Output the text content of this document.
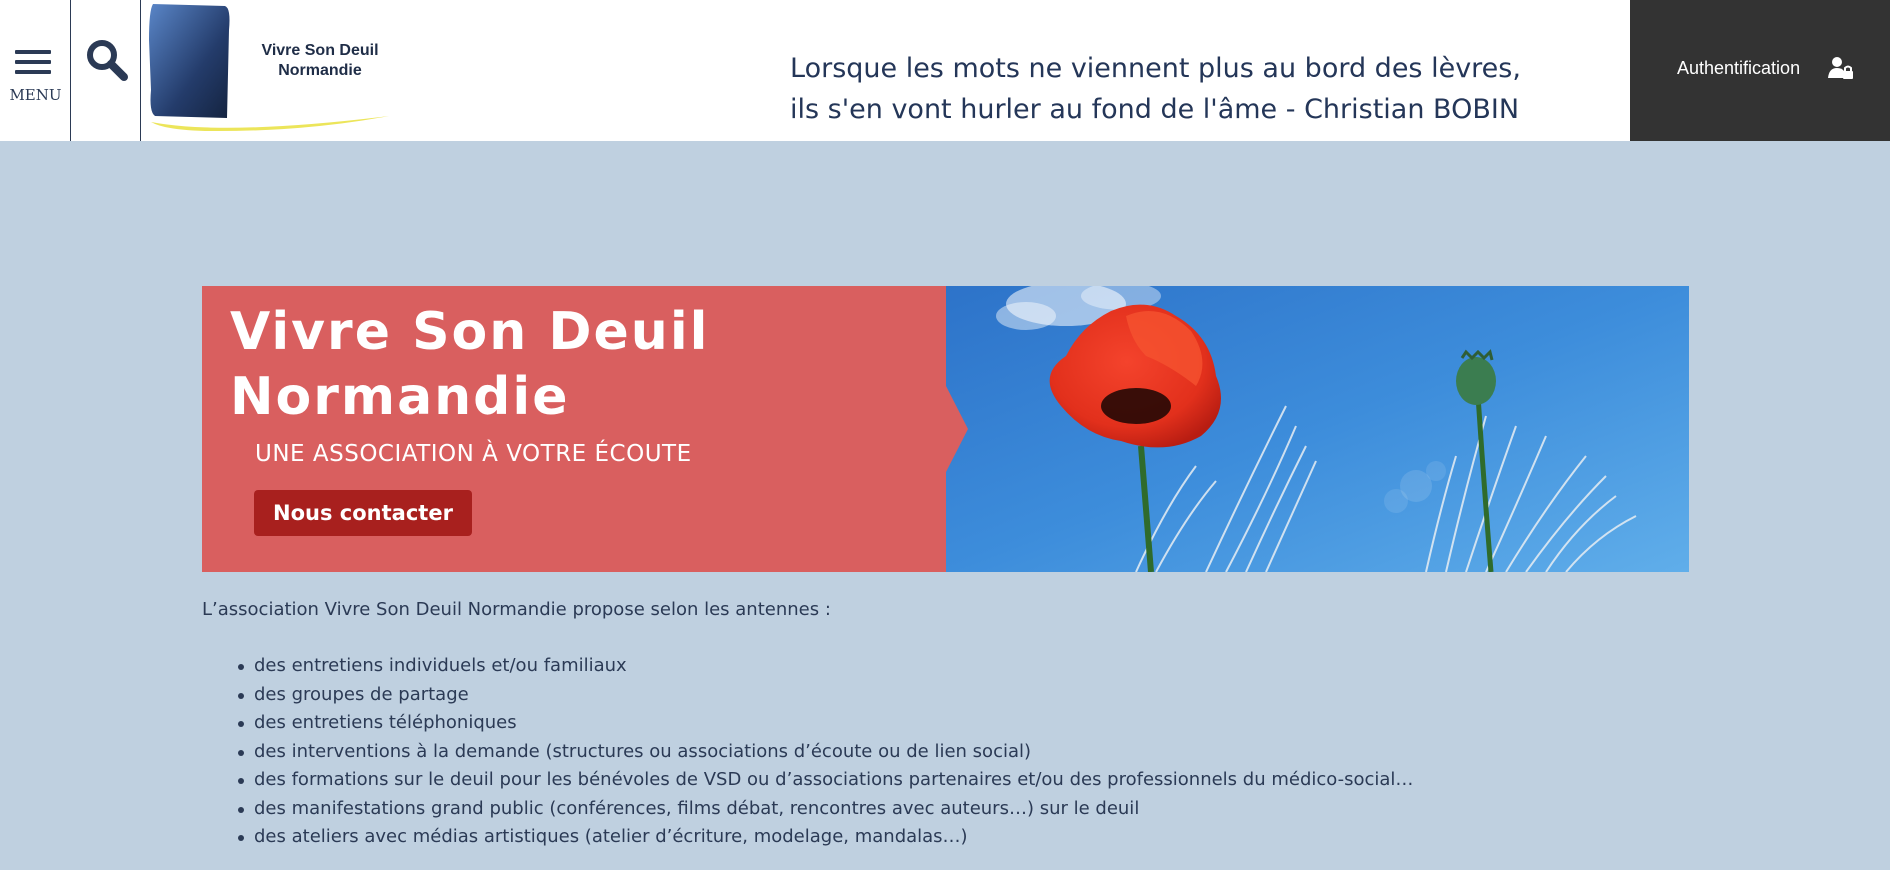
MENU
Vivre Son Deuil
Normandie	Lorsque les mots ne viennent plus au bord des lèvres,
ils s'en vont hurler au fond de l'âme - Christian BOBIN
Authentification
Vivre Son Deuil
Normandie
UNE ASSOCIATION À VOTRE ÉCOUTE
Nous contacter
L’association Vivre Son Deuil Normandie propose selon les antennes :
des entretiens individuels et/ou familiaux
des groupes de partage
des entretiens téléphoniques
des interventions à la demande (structures ou associations d’écoute ou de lien social)
des formations sur le deuil pour les bénévoles de VSD ou d’associations partenaires et/ou des professionnels du médico-social…
des manifestations grand public (conférences, films débat, rencontres avec auteurs…) sur le deuil
des ateliers avec médias artistiques (atelier d’écriture, modelage, mandalas…)
